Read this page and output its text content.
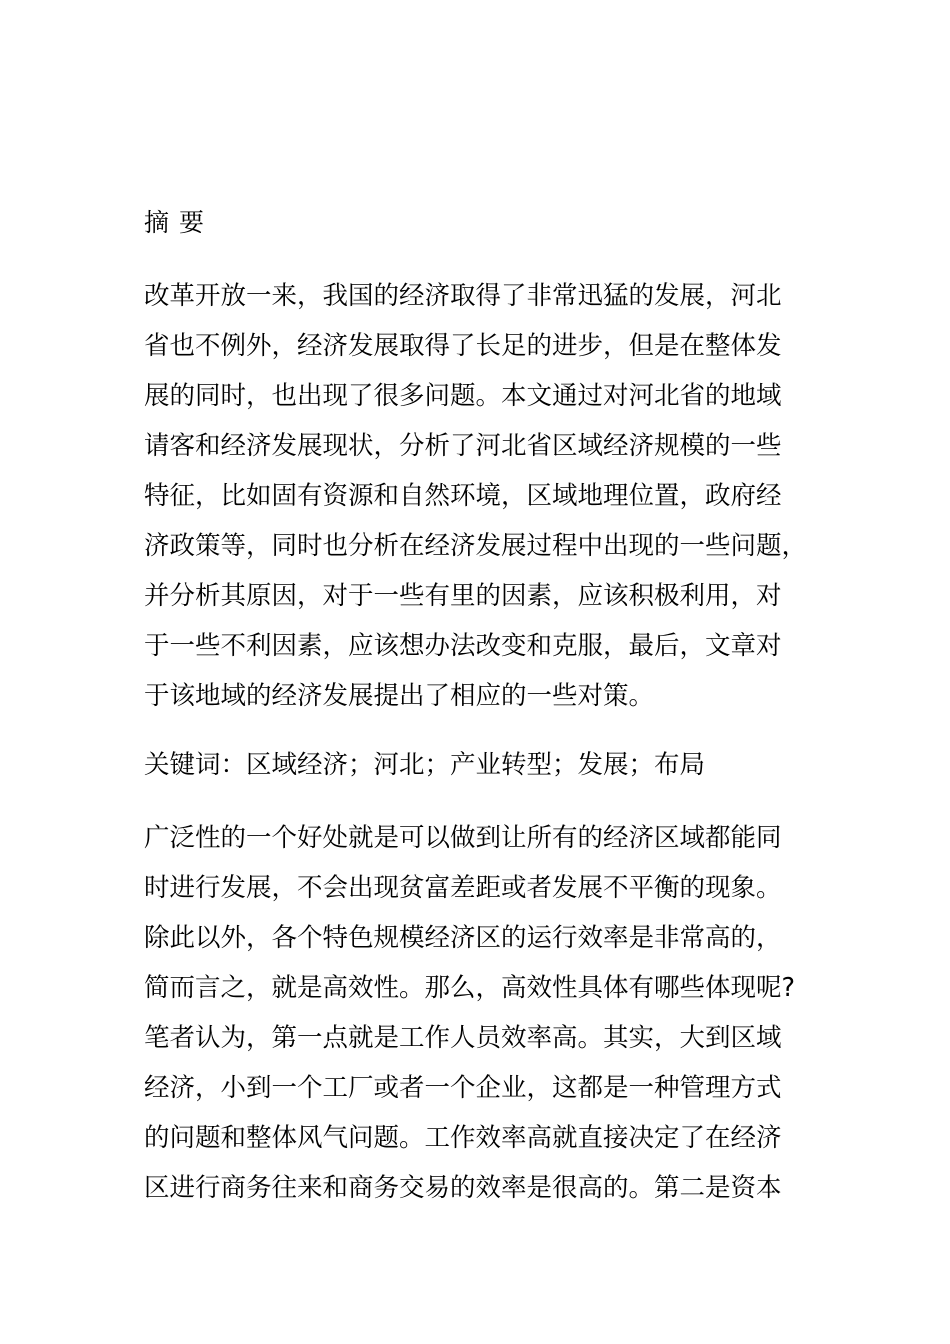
摘 要
改革开放一来，我国的经济取得了非常迅猛的发展，河北
省也不例外，经济发展取得了长足的进步，但是在整体发
展的同时，也出现了很多问题。本文通过对河北省的地域
请客和经济发展现状，分析了河北省区域经济规模的一些
特征，比如固有资源和自然环境，区域地理位置，政府经
济政策等，同时也分析在经济发展过程中出现的一些问题，
并分析其原因，对于一些有里的因素，应该积极利用，对
于一些不利因素，应该想办法改变和克服，最后，文章对
于该地域的经济发展提出了相应的一些对策。
关键词：区域经济；河北；产业转型；发展；布局
广泛性的一个好处就是可以做到让所有的经济区域都能同
时进行发展，不会出现贫富差距或者发展不平衡的现象。
除此以外，各个特色规模经济区的运行效率是非常高的，
简而言之，就是高效性。那么，高效性具体有哪些体现呢?
笔者认为，第一点就是工作人员效率高。其实，大到区域
经济，小到一个工厂或者一个企业，这都是一种管理方式
的问题和整体风气问题。工作效率高就直接决定了在经济
区进行商务往来和商务交易的效率是很高的。第二是资本
